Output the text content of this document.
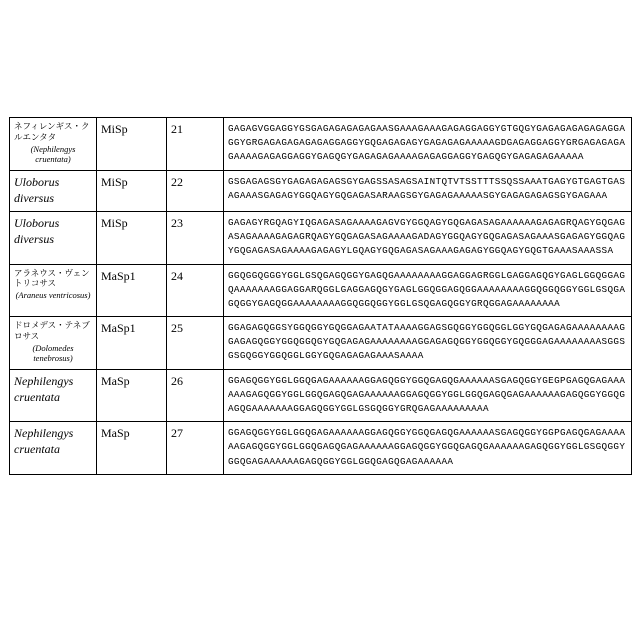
ネフィレンギス・クルエンタタ
(Nephilengys cruentata)	MiSp	21	GAGAGVGGAGGYGSGAGAGAGAGAGAASGAAAGAAAGAGAGGAGGYGTGQGYGAGAGAGAGAGAGGAGGYGRGAGAGAGAGAGAGGAGGYGQGAGAGAGYGAGAGAGAAAAAGDGAGAGGAGGYGRGAGAGAGAGAAAAGAGAGGAGGYGAGQGYGAGAGAGAAAAGAGAGGAGGYGAGQGYGAGAGAGAAAAA

Uloborus diversus	MiSp	22	GSGAGAGSGYGAGAGAGAGSGYGAGSSASAGSAINTQTVTSSTTTSSQSSAAATGAGYGTGAGTGASAGAAASGAGAGYGGQAGYGQGAGASARAAGSGYGAGAGAAAAASGYGAGAGAGAGSGYGAGAAA

Uloborus diversus	MiSp	23	GAGAGYRGQAGYIQGAGASAGAAAAGAGVGYGGQAGYGQGAGASAGAAAAAAGAGAGRQAGYGQGAGASAGAAAAGAGAGRQAGYGQGAGASAGAAAAGADAGYGGQAGYGQGAGASAGAAASGAGAGYGGQAGYGQGAGASAGAAAAGAGAGYLGQAGYGQGAGASAGAAAGAGAGYGGQAGYGQGTGAAASAAASSA

アラネウス・ヴェントリコサス
(Araneus ventricosus)	MaSp1	24	GGQGGQGGGYGGLGSQGAGQGGYGAGQGAAAAAAAAGGAGGAGRGGLGAGGAGQGYGAGLGGQGGAGQAAAAAAAGGAGGARQGGLGAGGAGQGYGAGLGGQGGAGQGGAAAAAAAAGGQGGQGGYGGLGSQGAGQGGYGAGQGGAAAAAAAAGGQGGQGGYGGLGSQGAGQGGYGRQGGAGAAAAAAAA

ドロメデス・テネブロサス
(Dolomedes tenebrosus)	MaSp1	25	GGAGAGQGGSYGGQGGYGQGGAGAATATAAAAGGAGSGQGGYGGQGGLGGYGQGAGAGAAAAAAAAGGAGAGQGGYGGQGGQGYGQGAGAGAAAAAAAAGGAGAGQGGYGGQGGYGQGGGAGAAAAAAAASGGSGSGQGGYGGQGGLGGYGQGAGAGAGAAASAAAA

Nephilengys cruentata	MaSp	26	GGAGQGGYGGLGGQGAGAAAAAAGGAGQGGYGGQGAGQGAAAAAASGAGQGGYGEGPGAGQGAGAAAAAAGAGQGGYGGLGGQGAGQGAGAAAAAAGGAGQGGYGGLGGQGAGQGAGAAAAAAGAGQGGYGGQGAGQGAAAAAAAGGAGQGGYGGLGSGQGGYGRQGAGAAAAAAAAA

Nephilengys cruentata	MaSp	27	GGAGQGGYGGLGGQGAGAAAAAAGGAGQGGYGGQGAGQGAAAAAASGAGQGGYGGPGAGQGAGAAAAAAGAGQGGYGGLGGQGAGQGAGAAAAAAGGAGQGGYGGQGAGQGAAAAAAGAGQGGYGGLGSGQGGYGGQGAGAAAAAAGAGQGGYGGLGGQGAGQGAGAAAAAA
